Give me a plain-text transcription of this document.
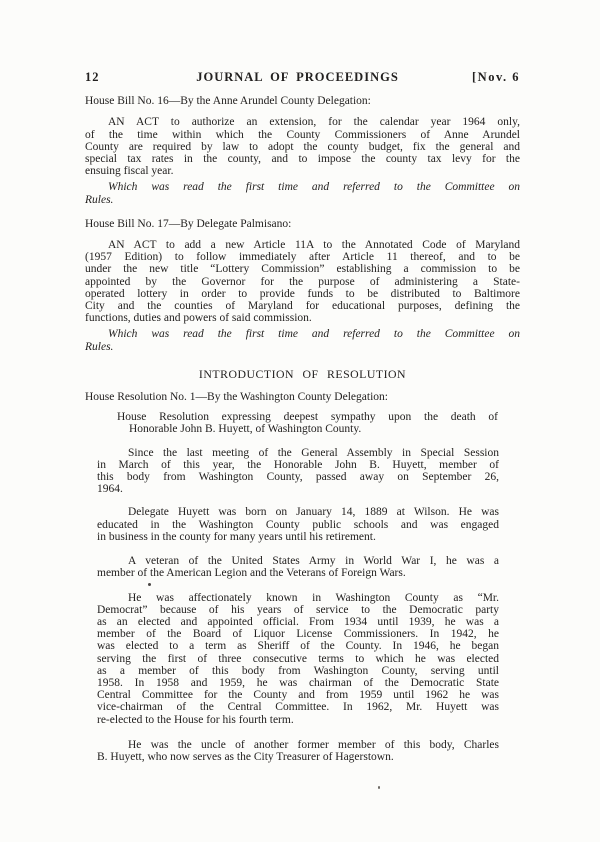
12	JOURNAL OF PROCEEDINGS	[Nov. 6
House Bill No. 16—By the Anne Arundel County Delegation:
AN ACT to authorize an extension, for the calendar year 1964 only,
of the time within which the County Commissioners of Anne Arundel
County are required by law to adopt the county budget, fix the general and
special tax rates in the county, and to impose the county tax levy for the
ensuing fiscal year.
Which was read the first time and referred to the Committee on
Rules.
House Bill No. 17—By Delegate Palmisano:
AN ACT to add a new Article 11A to the Annotated Code of Maryland
(1957 Edition) to follow immediately after Article 11 thereof, and to be
under the new title “Lottery Commission” establishing a commission to be
appointed by the Governor for the purpose of administering a State-
operated lottery in order to provide funds to be distributed to Baltimore
City and the counties of Maryland for educational purposes, defining the
functions, duties and powers of said commission.
Which was read the first time and referred to the Committee on
Rules.
INTRODUCTION OF RESOLUTION
House Resolution No. 1—By the Washington County Delegation:
House Resolution expressing deepest sympathy upon the death of
Honorable John B. Huyett, of Washington County.
Since the last meeting of the General Assembly in Special Session
in March of this year, the Honorable John B. Huyett, member of
this body from Washington County, passed away on September 26,
1964.
Delegate Huyett was born on January 14, 1889 at Wilson. He was
educated in the Washington County public schools and was engaged
in business in the county for many years until his retirement.
A veteran of the United States Army in World War I, he was a
member of the American Legion and the Veterans of Foreign Wars.
He was affectionately known in Washington County as “Mr.
Democrat” because of his years of service to the Democratic party
as an elected and appointed official. From 1934 until 1939, he was a
member of the Board of Liquor License Commissioners. In 1942, he
was elected to a term as Sheriff of the County. In 1946, he began
serving the first of three consecutive terms to which he was elected
as a member of this body from Washington County, serving until
1958. In 1958 and 1959, he was chairman of the Democratic State
Central Committee for the County and from 1959 until 1962 he was
vice-chairman of the Central Committee. In 1962, Mr. Huyett was
re-elected to the House for his fourth term.
He was the uncle of another former member of this body, Charles
B. Huyett, who now serves as the City Treasurer of Hagerstown.
